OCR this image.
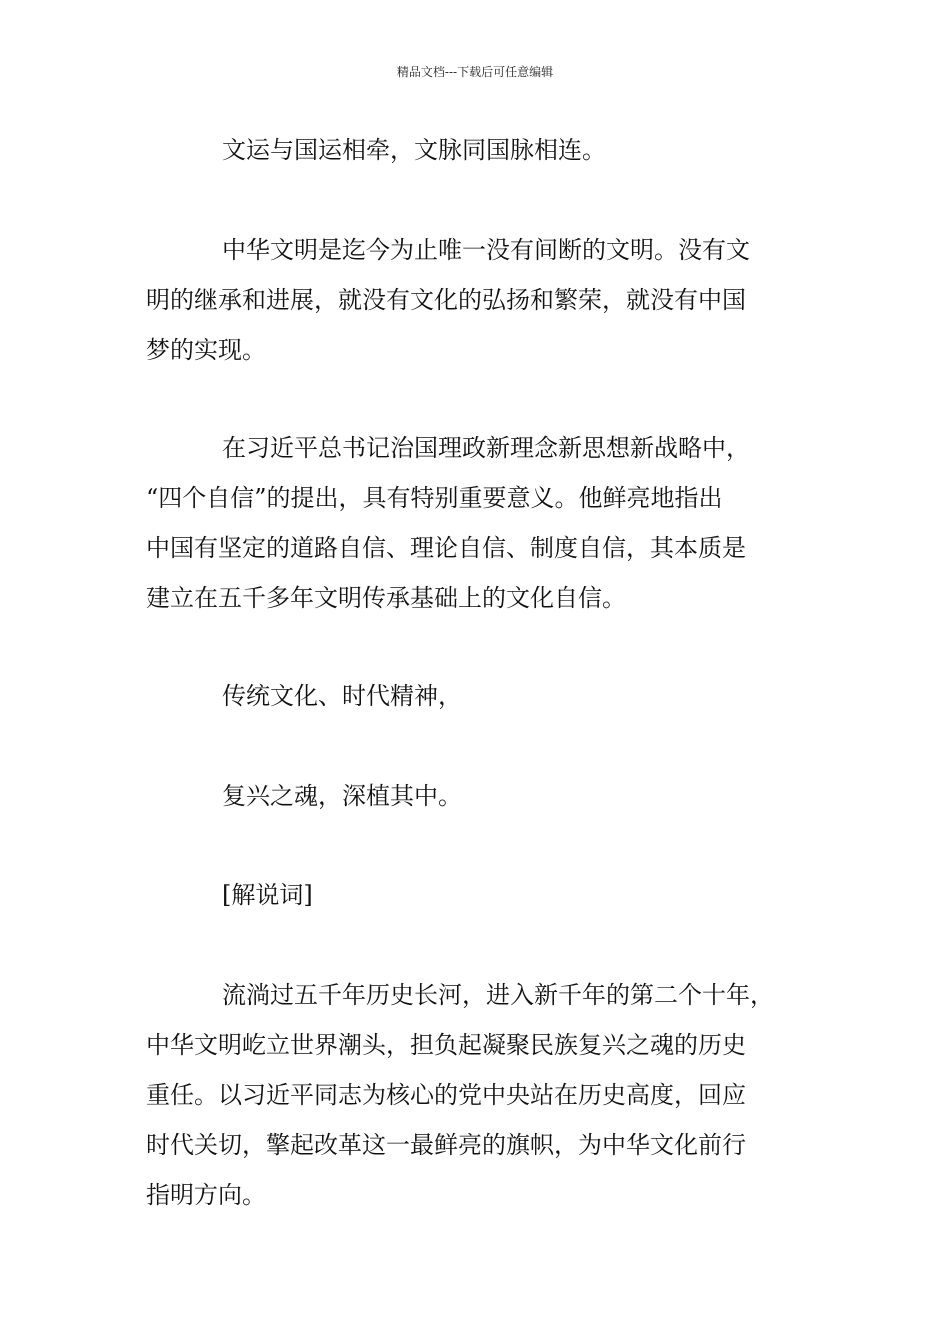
精品文档---下载后可任意编辑
文运与国运相牵，文脉同国脉相连。
中华文明是迄今为止唯一没有间断的文明。没有文
明的继承和进展，就没有文化的弘扬和繁荣，就没有中国
梦的实现。
在习近平总书记治国理政新理念新思想新战略中，
“四个自信”的提出，具有特别重要意义。他鲜亮地指出
中国有坚定的道路自信、理论自信、制度自信，其本质是
建立在五千多年文明传承基础上的文化自信。
传统文化、时代精神，
复兴之魂，深植其中。
[解说词]
流淌过五千年历史长河，进入新千年的第二个十年，
中华文明屹立世界潮头，担负起凝聚民族复兴之魂的历史
重任。以习近平同志为核心的党中央站在历史高度，回应
时代关切，擎起改革这一最鲜亮的旗帜，为中华文化前行
指明方向。
